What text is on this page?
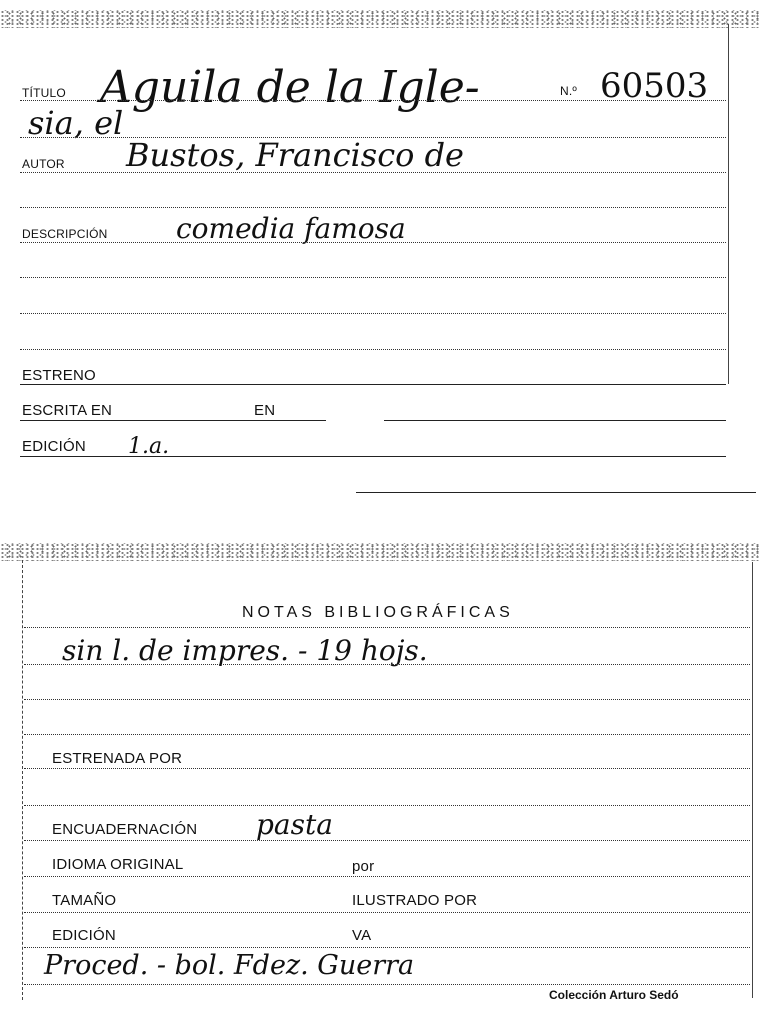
TÍTULO Aguila de la Igle-	N.º 60503
sia, el
AUTOR Bustos, Francisco de
DESCRIPCIÓN comedia famosa
ESTRENO
ESCRITA EN	EN
EDICIÓN 1.a.
NOTAS BIBLIOGRÁFICAS
sin l. de impres. - 19 hojs.
ESTRENADA POR
ENCUADERNACIÓN pasta
IDIOMA ORIGINAL	por
TAMAÑO	ILUSTRADO POR
EDICIÓN	VA
Proced. - bol. Fdez. Guerra
Colección Arturo Sedó
